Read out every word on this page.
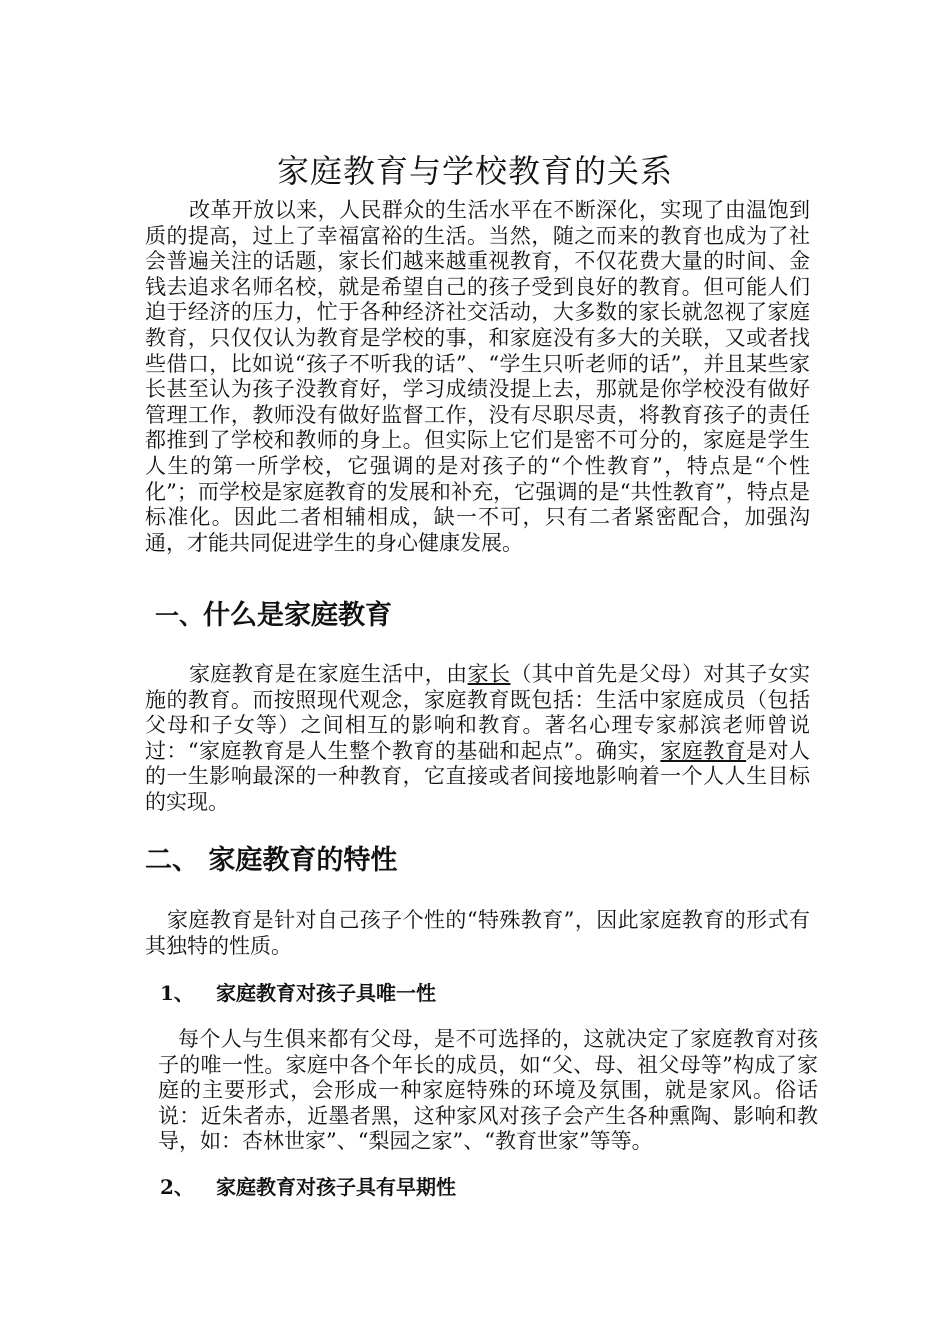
家庭教育与学校教育的关系

改革开放以来，人民群众的生活水平在不断深化，实现了由温饱到质的提高，过上了幸福富裕的生活。当然，随之而来的教育也成为了社会普遍关注的话题，家长们越来越重视教育，不仅花费大量的时间、金钱去追求名师名校，就是希望自己的孩子受到良好的教育。但可能人们迫于经济的压力，忙于各种经济社交活动，大多数的家长就忽视了家庭教育，只仅仅认为教育是学校的事，和家庭没有多大的关联，又或者找些借口，比如说“孩子不听我的话”、“学生只听老师的话”，并且某些家长甚至认为孩子没教育好，学习成绩没提上去，那就是你学校没有做好管理工作，教师没有做好监督工作，没有尽职尽责，将教育孩子的责任都推到了学校和教师的身上。但实际上它们是密不可分的，家庭是学生人生的第一所学校，它强调的是对孩子的“个性教育”，特点是“个性化”；而学校是家庭教育的发展和补充，它强调的是“共性教育”，特点是标准化。因此二者相辅相成，缺一不可，只有二者紧密配合，加强沟通，才能共同促进学生的身心健康发展。

一、什么是家庭教育

家庭教育是在家庭生活中，由家长（其中首先是父母）对其子女实施的教育。而按照现代观念，家庭教育既包括：生活中家庭成员（包括父母和子女等）之间相互的影响和教育。著名心理专家郝滨老师曾说过：“家庭教育是人生整个教育的基础和起点”。确实，家庭教育是对人的一生影响最深的一种教育，它直接或者间接地影响着一个人人生目标的实现。

二、 家庭教育的特性

家庭教育是针对自己孩子个性的“特殊教育”，因此家庭教育的形式有其独特的性质。

1、 家庭教育对孩子具唯一性

每个人与生俱来都有父母，是不可选择的，这就决定了家庭教育对孩子的唯一性。家庭中各个年长的成员，如“父、母、祖父母等”构成了家庭的主要形式，会形成一种家庭特殊的环境及氛围，就是家风。俗话说：近朱者赤，近墨者黑，这种家风对孩子会产生各种熏陶、影响和教导，如：杏林世家”、“梨园之家”、“教育世家”等等。

2、 家庭教育对孩子具有早期性
